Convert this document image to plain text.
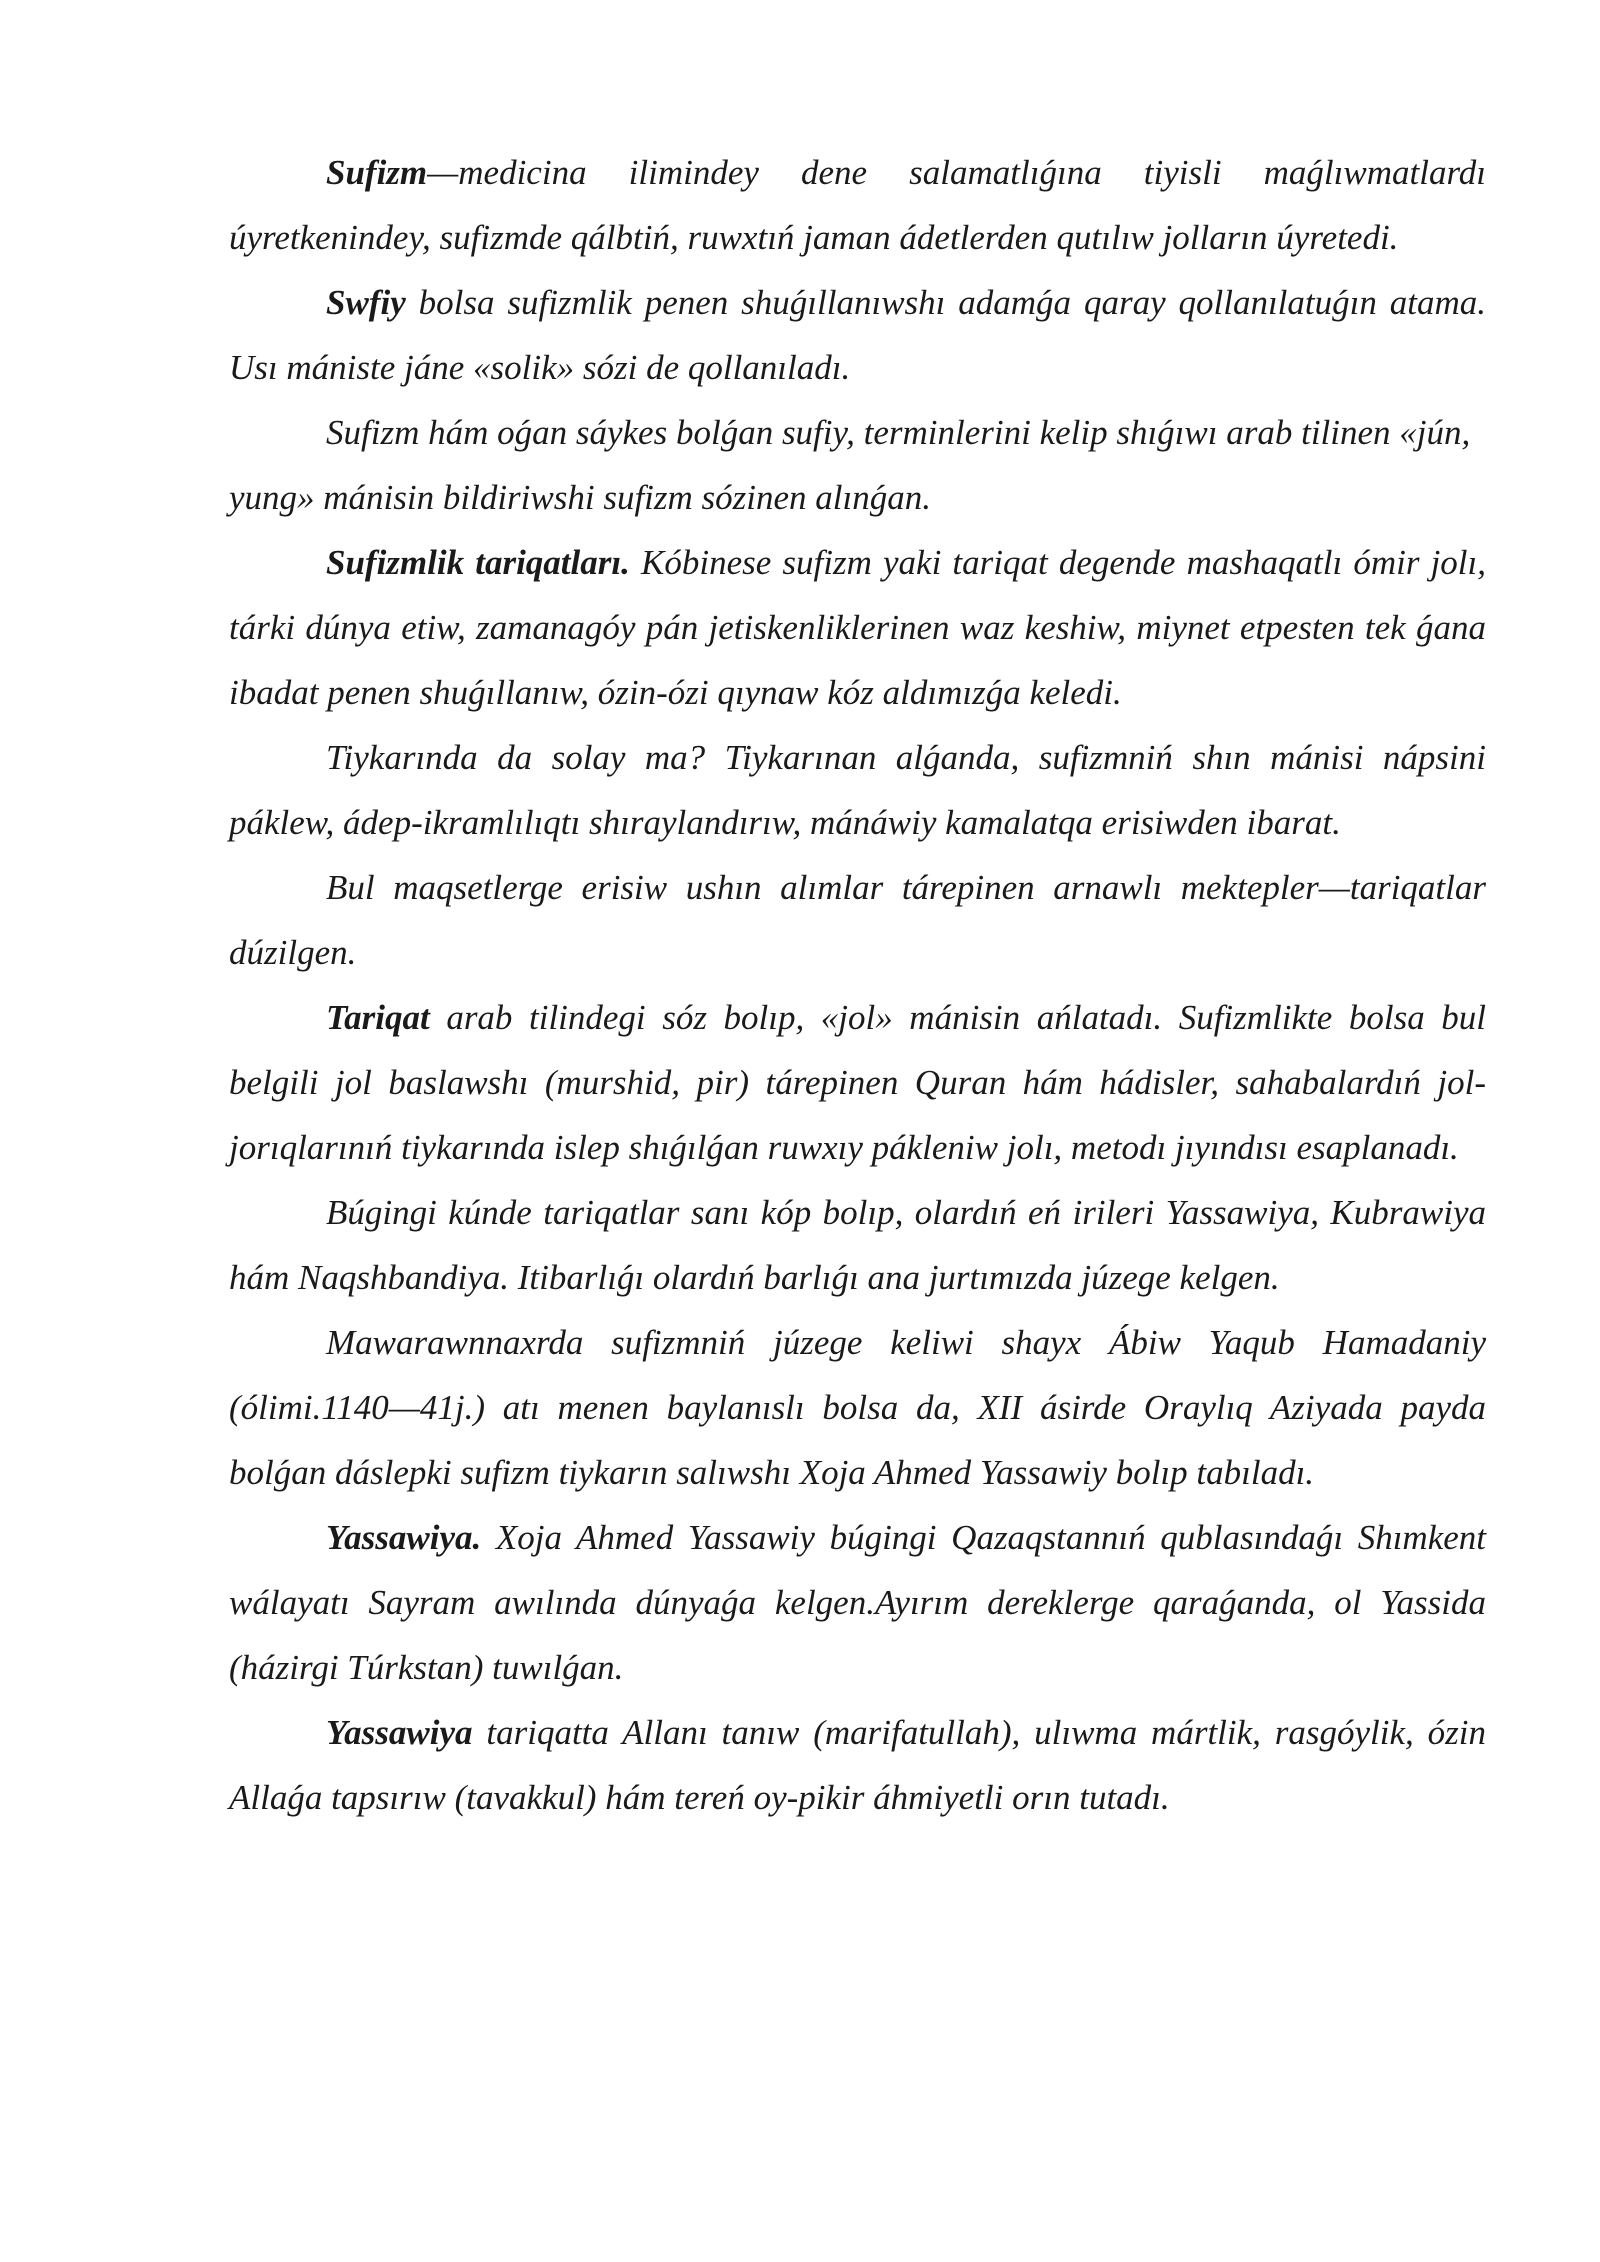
Sufizm—medicina ilimindey dene salamatlıǵına tiyisli maǵlıwmatlardı úyretkenindey, sufizmde qálbtiń, ruwxtıń jaman ádetlerden qutılıw jolların úyretedi.

Swfiy bolsa sufizmlik penen shuǵıllanıwshı adamǵa qaray qollanılatuǵın atama. Usı mániste jáne «solik» sózi de qollanıladı.

Sufizm hám oǵan sáykes bolǵan sufiy, terminlerini kelip shıǵıwı arab tilinen «jún, yung» mánisin bildiriwshi sufizm sózinen alınǵan.

Sufizmlik tariqatları. Kóbinese sufizm yaki tariqat degende mashaqatlı ómir jolı, tárki dúnya etiw, zamanagóy pán jetiskenliklerinen waz keshiw, miynet etpesten tek ǵana ibadat penen shuǵıllanıw, ózin-ózi qıynaw kóz aldımızǵa keledi.

Tiykarında da solay ma? Tiykarınan alǵanda, sufizmniń shın mánisi nápsini páklew, ádep-ikramlılıqtı shıraylandırıw, mánáwiy kamalatqa erisiwden ibarat.

Bul maqsetlerge erisiw ushın alımlar tárepinen arnawlı mektepler—tariqatlar dúzilgen.

Tariqat arab tilindegi sóz bolıp, «jol» mánisin ańlatadı. Sufizmlikte bolsa bul belgili jol baslawshı (murshid, pir) tárepinen Quran hám hádisler, sahabalardıń jol-jorıqlarınıń tiykarında islep shıǵılǵan ruwxıy pákleniw jolı, metodı jıyındısı esaplanadı.

Búgingi kúnde tariqatlar sanı kóp bolıp, olardıń eń irileri Yassawiya, Kubrawiya hám Naqshbandiya. Itibarlıǵı olardıń barlıǵı ana jurtımızda júzege kelgen.

Mawarawnnaxrda sufizmniń júzege keliwi shayx Ábiw Yaqub Hamadaniy (ólimi.1140—41j.) atı menen baylanıslı bolsa da, XII ásirde Oraylıq Aziyada payda bolǵan dáslepki sufizm tiykarın salıwshı Xoja Ahmed Yassawiy bolıp tabıladı.

Yassawiya. Xoja Ahmed Yassawiy búgingi Qazaqstannıń qublasındaǵı Shımkent wálayatı Sayram awılında dúnyaǵa kelgen.Ayırım dereklerge qaraǵanda, ol Yassida (házirgi Túrkstan) tuwılǵan.

Yassawiya tariqatta Allanı tanıw (marifatullah), ulıwma mártlik, rasgóylik, ózin Allaǵa tapsırıw (tavakkul) hám tereń oy-pikir áhmiyetli orın tutadı.
